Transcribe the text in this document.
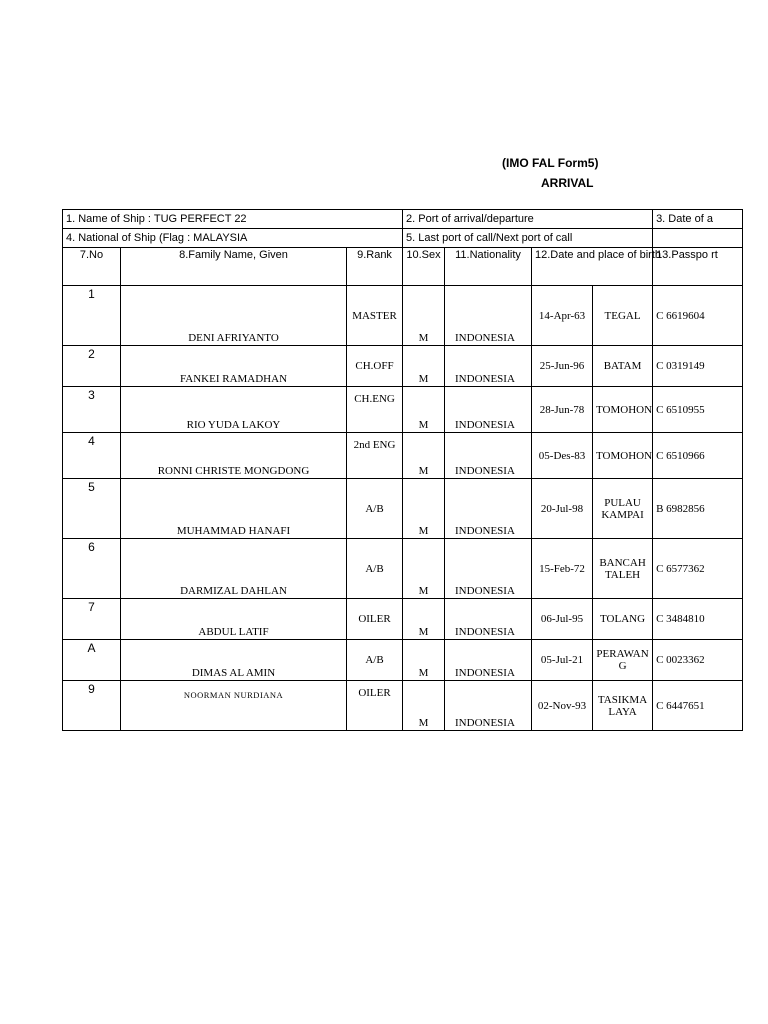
(IMO FAL Form5)
ARRIVAL
1. Name of Ship : TUG PERFECT 22			2. Port of arrival/departure				3. Date of a
4. National of Ship (Flag : MALAYSIA			5. Last port of call/Next port of call				
7.No	8.Family Name, Given	9.Rank	10.Sex	11.Nationality	12.Date and place of birth		13.Passpo rt
1	DENI AFRIYANTO	MASTER	M	INDONESIA	14-Apr-63	TEGAL	C 6619604
2	FANKEI RAMADHAN	CH.OFF	M	INDONESIA	25-Jun-96	BATAM	C 0319149
3	RIO YUDA LAKOY	CH.ENG	M	INDONESIA	28-Jun-78	TOMOHON	C 6510955
4	RONNI CHRISTE MONGDONG	2nd ENG	M	INDONESIA	05-Des-83	TOMOHON	C 6510966
5	MUHAMMAD HANAFI	A/B	M	INDONESIA	20-Jul-98	PULAU KAMPAI	B 6982856
6	DARMIZAL DAHLAN	A/B	M	INDONESIA	15-Feb-72	BANCAH TALEH	C 6577362
7	ABDUL LATIF	OILER	M	INDONESIA	06-Jul-95	TOLANG	C 3484810
A	DIMAS AL AMIN	A/B	M	INDONESIA	05-Jul-21	PERAWAN G	C 0023362
9	NOORMAN NURDIANA	OILER	M	INDONESIA	02-Nov-93	TASIKMA LAYA	C 6447651
